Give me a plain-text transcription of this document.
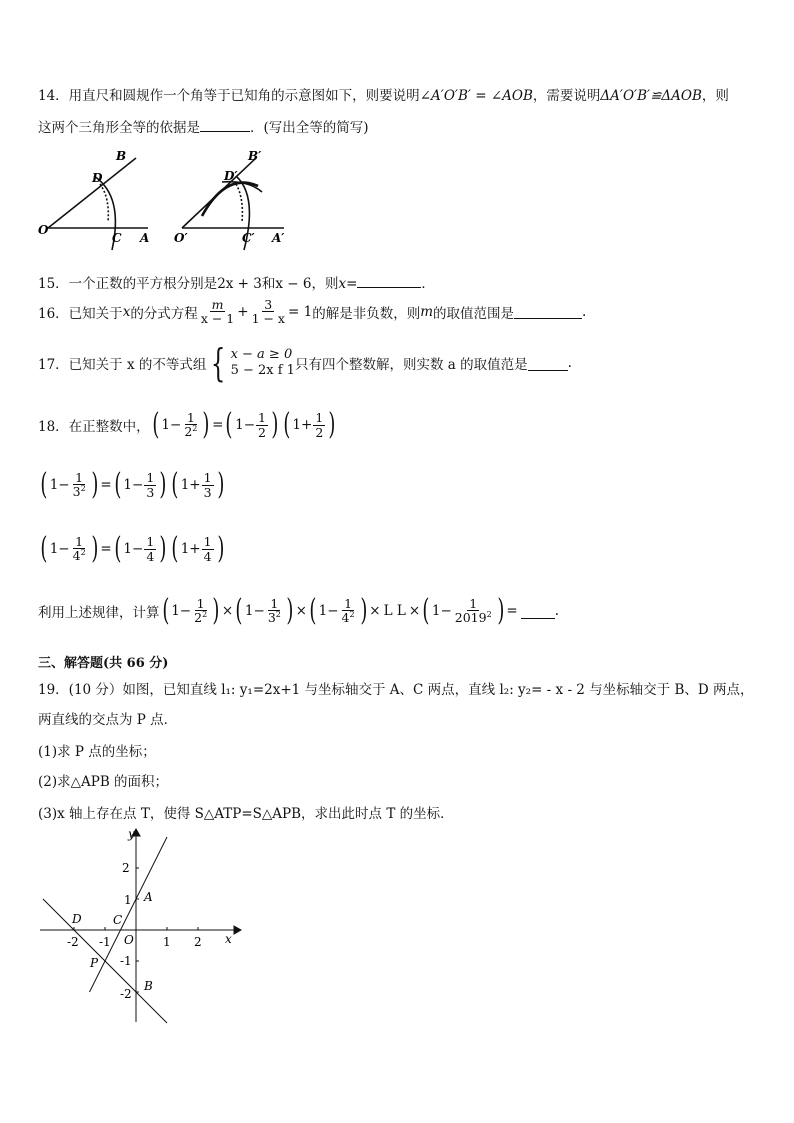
14．用直尺和圆规作一个角等于已知角的示意图如下，则要说明∠A′O′B′ = ∠AOB，需要说明ΔA′O′B′≌ΔAOB，则
这两个三角形全等的依据是	．(写出全等的简写)
O
B
D
C A O′
B′
D′
C′ A′
15．一个正数的平方根分别是2x + 3和x − 6，则x=	．
16．已知关于 x 的分式方程 $\frac{m}{x - 1} + \frac{3}{1 - x} = 1$ 的解是非负数，则 m 的取值范围是	.
17．已知关于 x 的不等式组 { x − a ≥ 0
5 − 2x f 1 只有四个整数解，则实数 a 的取值范是	.
18．在正整数中， ( $1- \frac{1}{2^2}$ ) = ( $1- \frac{1}{2}$ ) ( $1+ \frac{1}{2}$ )
( $1- \frac{1}{3^2}$ ) = ( $1- \frac{1}{3}$ ) ( $1+ \frac{1}{3}$ )
( $1- \frac{1}{4^2}$ ) = ( $1- \frac{1}{4}$ ) ( $1+ \frac{1}{4}$ )
利用上述规律，计算 ( $1- \frac{1}{2^2}$ ) × ( $1- \frac{1}{3^2}$ ) × ( $1- \frac{1}{4^2}$ ) × L L × ( $1- \frac{1}{2019^2}$ ) =	.
三、解答题(共 66 分)
19．(10 分）如图，已知直线 l₁: y₁=2x+1 与坐标轴交于 A、C 两点，直线 l₂: y₂= - x - 2 与坐标轴交于 B、D 两点，
两直线的交点为 P 点．
(1)求 P 点的坐标；
(2)求△APB 的面积；
(3)x 轴上存在点 T，使得 S△ATP=S△APB，求出此时点 T 的坐标．
y
x
O
-2 -1	1 2
2
1
-1
-2
A
B
C
D
P
